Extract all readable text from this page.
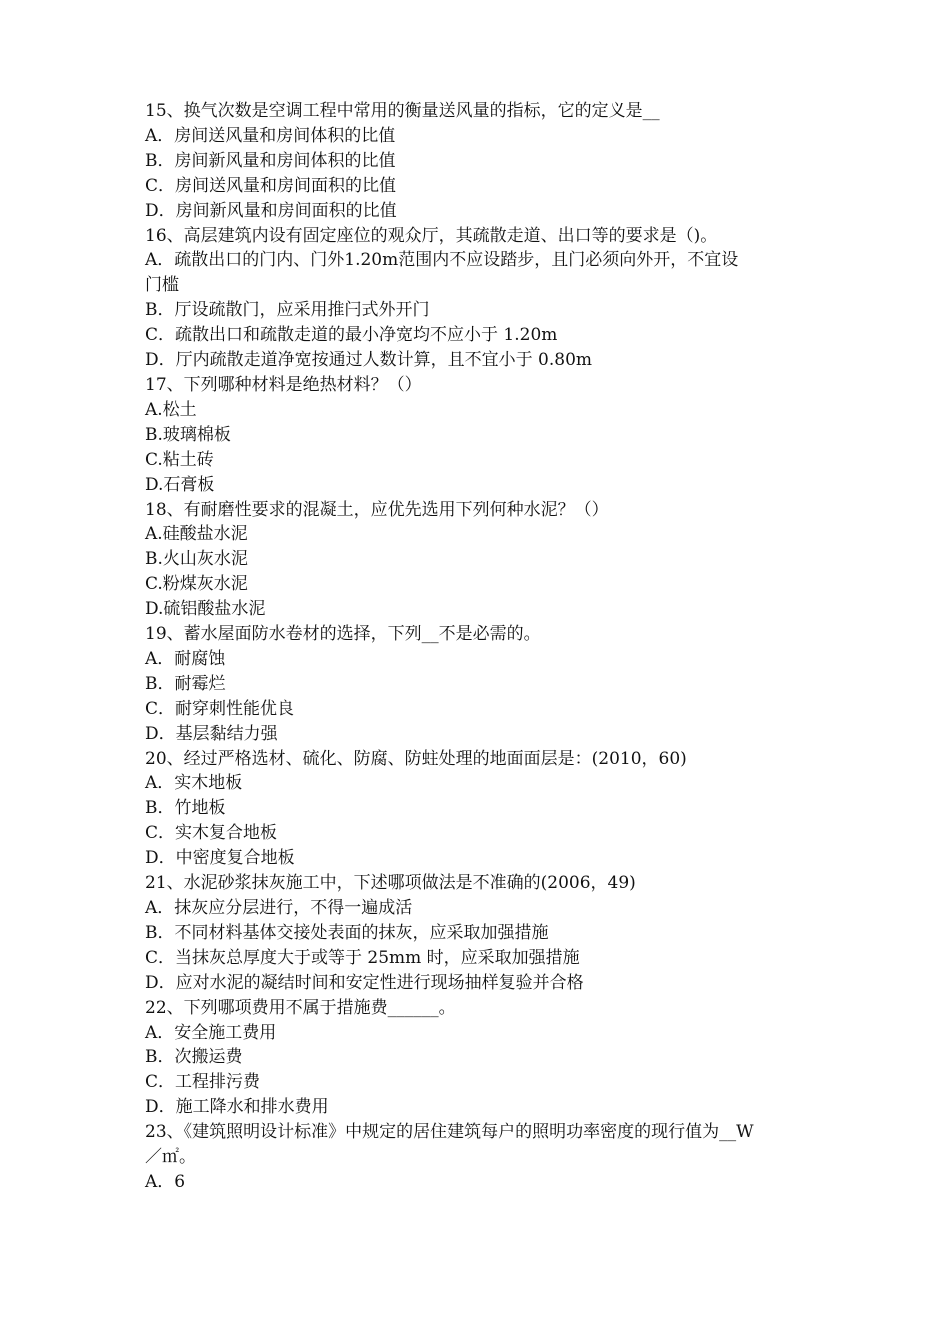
15、换气次数是空调工程中常用的衡量送风量的指标，它的定义是__
A．房间送风量和房间体积的比值
B．房间新风量和房间体积的比值
C．房间送风量和房间面积的比值
D．房间新风量和房间面积的比值
16、高层建筑内设有固定座位的观众厅，其疏散走道、出口等的要求是（)。
A．疏散出口的门内、门外1.20m范围内不应设踏步，且门必须向外开，不宜设
门槛
B．厅设疏散门，应采用推闩式外开门
C．疏散出口和疏散走道的最小净宽均不应小于 1.20m
D．厅内疏散走道净宽按通过人数计算，且不宜小于 0.80m
17、下列哪种材料是绝热材料？（）
A.松土
B.玻璃棉板
C.粘土砖
D.石膏板
18、有耐磨性要求的混凝土，应优先选用下列何种水泥？（）
A.硅酸盐水泥
B.火山灰水泥
C.粉煤灰水泥
D.硫铝酸盐水泥
19、蓄水屋面防水卷材的选择，下列__不是必需的。
A．耐腐蚀
B．耐霉烂
C．耐穿刺性能优良
D．基层黏结力强
20、经过严格选材、硫化、防腐、防蛀处理的地面面层是：(2010，60)
A．实木地板
B．竹地板
C．实木复合地板
D．中密度复合地板
21、水泥砂浆抹灰施工中，下述哪项做法是不准确的(2006，49)
A．抹灰应分层进行，不得一遍成活
B．不同材料基体交接处表面的抹灰，应采取加强措施
C．当抹灰总厚度大于或等于 25mm 时，应采取加强措施
D．应对水泥的凝结时间和安定性进行现场抽样复验并合格
22、下列哪项费用不属于措施费______。
A．安全施工费用
B．次搬运费
C．工程排污费
D．施工降水和排水费用
23、《建筑照明设计标准》中规定的居住建筑每户的照明功率密度的现行值为__W
／㎡。
A．6
